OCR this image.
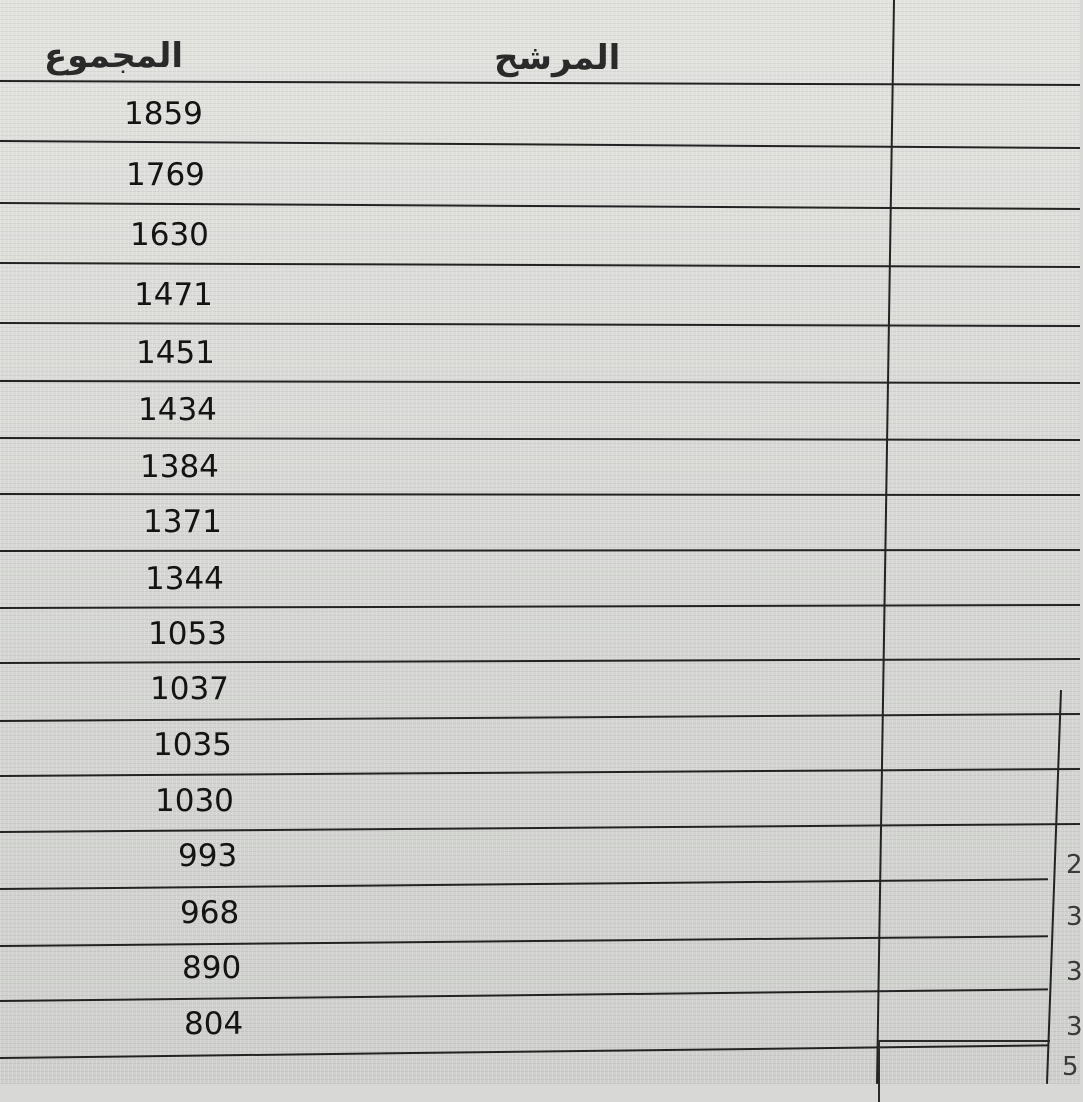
المجموع	المرشح
1859
1769
1630
1471
1451
1434
1384
1371
1344
1053
1037
1035
1030
993
968
890
804
2
3
3
3
5
